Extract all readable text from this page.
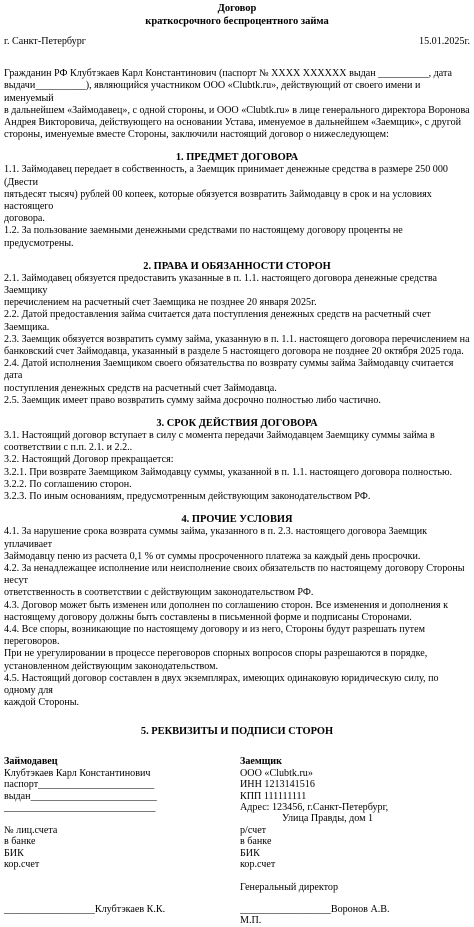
Договор
краткосрочного беспроцентного займа
г. Санкт-Петербург	15.01.2025г.
Гражданин РФ Клубтэкаев Карл Константинович (паспорт № XXXX XXXXXX выдан __________, дата
выдачи__________), являющийся участником ООО «Clubtk.ru», действующий от своего имени и именуемый
в дальнейшем «Займодавец», с одной стороны, и ООО «Clubtk.ru» в лице генерального директора Воронова
Андрея Викторовича, действующего на основании Устава, именуемое в дальнейшем «Заемщик», с другой
стороны, именуемые вместе Стороны, заключили настоящий договор о нижеследующем:
1. ПРЕДМЕТ ДОГОВОРА
1.1. Займодавец передает в собственность, а Заемщик принимает денежные средства в размере 250 000 (Двести
пятьдесят тысяч) рублей 00 копеек, которые обязуется возвратить Займодавцу в срок и на условиях настоящего
договора.
1.2. За пользование заемными денежными средствами по настоящему договору проценты не предусмотрены.
2. ПРАВА И ОБЯЗАННОСТИ СТОРОН
2.1. Займодавец обязуется предоставить указанные в п. 1.1. настоящего договора денежные средства Заемщику
перечислением на расчетный счет Заемщика не позднее 20 января 2025г.
2.2. Датой предоставления займа считается дата поступления денежных средств на расчетный счет Заемщика.
2.3. Заемщик обязуется возвратить сумму займа, указанную в п. 1.1. настоящего договора перечислением на
банковский счет Займодавца, указанный в разделе 5 настоящего договора не позднее 20 октября 2025 года.
2.4. Датой исполнения Заемщиком своего обязательства по возврату суммы займа Займодавцу считается дата
поступления денежных средств на расчетный счет Займодавца.
2.5. Заемщик имеет право возвратить сумму займа досрочно полностью либо частично.
3. СРОК ДЕЙСТВИЯ ДОГОВОРА
3.1. Настоящий договор вступает в силу с момента передачи Займодавцем Заемщику суммы займа в
соответствии с п.п. 2.1. и 2.2..
3.2. Настоящий Договор прекращается:
3.2.1. При возврате Заемщиком Займодавцу суммы, указанной в п. 1.1. настоящего договора полностью.
3.2.2. По соглашению сторон.
3.2.3. По иным основаниям, предусмотренным действующим законодательством РФ.
4. ПРОЧИЕ УСЛОВИЯ
4.1. За нарушение срока возврата суммы займа, указанного в п. 2.3. настоящего договора Заемщик уплачивает
Займодавцу пеню из расчета 0,1 % от суммы просроченного платежа за каждый день просрочки.
4.2. За ненадлежащее исполнение или неисполнение своих обязательств по настоящему договору Стороны несут
ответственность в соответствии с действующим законодательством РФ.
4.3. Договор может быть изменен или дополнен по соглашению сторон. Все изменения и дополнения к
настоящему договору должны быть составлены в письменной форме и подписаны Сторонами.
4.4. Все споры, возникающие по настоящему договору и из него, Стороны будут разрешать путем переговоров.
При не урегулировании в процессе переговоров спорных вопросов споры разрешаются в порядке,
установленном действующим законодательством.
4.5. Настоящий договор составлен в двух экземплярах, имеющих одинаковую юридическую силу, по одному для
каждой Стороны.
5. РЕКВИЗИТЫ И ПОДПИСИ СТОРОН
Займодавец
Клубтэкаев Карл Константинович
паспорт_______________________
выдан_________________________
______________________________

№ лиц.счета
в банке
БИК
кор.счет
Заемщик
ООО «Clubtk.ru»
ИНН 1213141516
КПП 111111111
Адрес: 123456, г.Санкт-Петербург,
Улица Правды, дом 1
р/счет
в банке
БИК
кор.счет
Генеральный директор
__________________Клубтэкаев К.К.	__________________Воронов А.В.
М.П.
